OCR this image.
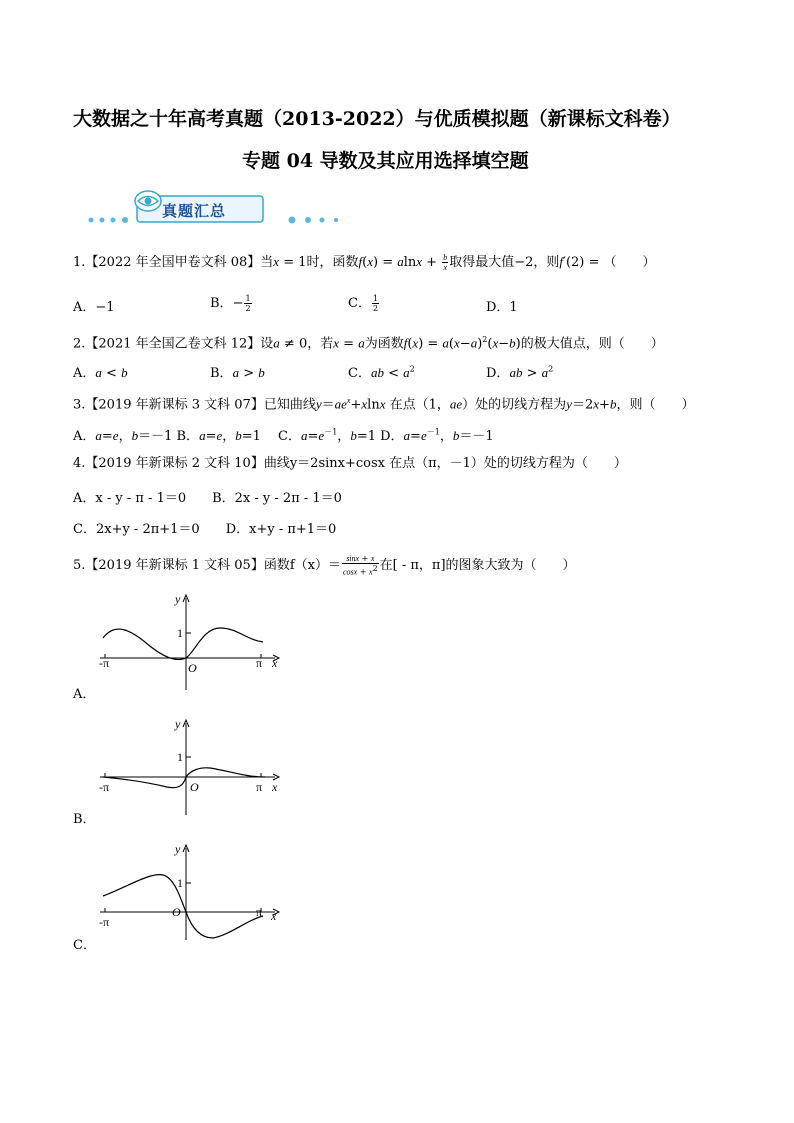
大数据之十年高考真题（2013-2022）与优质模拟题（新课标文科卷）
专题 04 导数及其应用选择填空题
真题汇总
1.【2022 年全国甲卷文科 08】当x = 1时，函数$f(x) = alnx + \frac{b}{x}$ 取得最大值−2，则f′(2) = （　　）
A．−1	B．− $\frac{1}{2}$	C． $\frac{1}{2}$	D．1
2.【2021 年全国乙卷文科 12】设a ≠ 0，若x = a为函数$f(x) = a(x-a)^2(x-b)$的极大值点，则（　　）
A．a < b	B．a > b	C．ab < $a^2$	D．ab > $a^2$
3.【2019 年新课标 3 文科 07】已知曲线$y=ae^x+xlnx$ 在点（1，ae）处的切线方程为y＝2x+b，则（　　）
A．a=e，b＝－1 B．a=e，b=1　 C．$a=e^{-1}$，b=1 D．$a=e^{-1}$，b＝－1
4.【2019 年新课标 2 文科 10】曲线y＝2sinx+cosx 在点（π，－1）处的切线方程为（　　）
A．x - y - π - 1＝0　　B．2x - y - 2π - 1＝0
C．2x+y - 2π+1＝0　　D．x+y - π+1＝0
5.【2019 年新课标 1 文科 05】函数$f(x)= \frac{\sin x + x}{\cos x + x^2}$ 在[ - π，π]的图象大致为（　　）
y
1
O
-π	π x
A．
y
1
O
-π	π x
B．
y
1
O
-π
π x
C．
